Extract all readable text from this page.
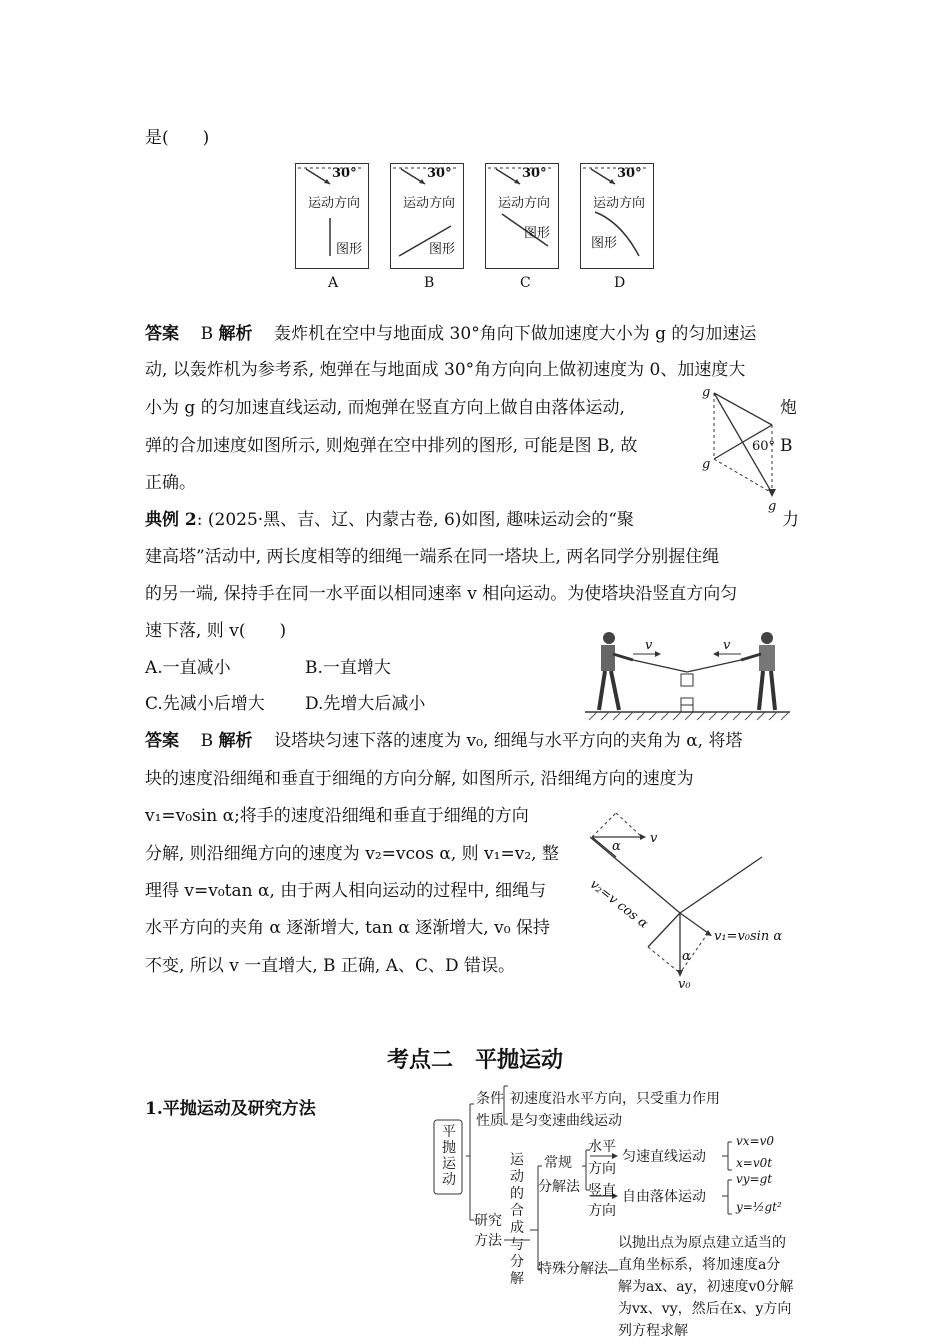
是(　　)
30°
运动方向
图形
A
30°
运动方向
图形
B
30°
运动方向
图形
C
30°
运动方向
图形
D
答案 B 解析 轰炸机在空中与地面成 30°角向下做加速度大小为 g 的匀加速运
动, 以轰炸机为参考系, 炮弹在与地面成 30°角方向向上做初速度为 0、加速度大
小为 g 的匀加速直线运动, 而炮弹在竖直方向上做自由落体运动,	炮
弹的合加速度如图所示, 则炮弹在空中排列的图形, 可能是图 B, 故	B
正确。
g
g
g
60°
典例 2: (2025·黑、吉、辽、内蒙古卷, 6)如图, 趣味运动会的“聚	力
建高塔”活动中, 两长度相等的细绳一端系在同一塔块上, 两名同学分别握住绳
的另一端, 保持手在同一水平面以相同速率 v 相向运动。为使塔块沿竖直方向匀
速下落, 则 v(　　)
A.一直减小	B.一直增大
C.先减小后增大 D.先增大后减小
v	v
答案 B 解析 设塔块匀速下落的速度为 v₀, 细绳与水平方向的夹角为 α, 将塔
块的速度沿细绳和垂直于细绳的方向分解, 如图所示, 沿细绳方向的速度为
v₁=v₀sin α;将手的速度沿细绳和垂直于细绳的方向
分解, 则沿细绳方向的速度为 v₂=vcos α, 则 v₁=v₂, 整
理得 v=v₀tan α, 由于两人相向运动的过程中, 细绳与
水平方向的夹角 α 逐渐增大, tan α 逐渐增大, v₀ 保持
不变, 所以 v 一直增大, B 正确, A、C、D 错误。
v
α
v₂=v cos α
α
v₁=v₀sin α
v₀
考点二　平抛运动
1.平抛运动及研究方法
平抛运动
条件 初速度沿水平方向，只受重力作用
性质 是匀变速曲线运动
研究
方法
运动的合成与分解
常规
分解法
水平
方向
匀速直线运动
vx=v0
x=v0t
竖直
方向
自由落体运动
vy=gt
y=½gt²
特殊分解法
以抛出点为原点建立适当的
直角坐标系，将加速度a分
解为ax、ay，初速度v0分解
为vx、vy，然后在x、y方向
列方程求解
